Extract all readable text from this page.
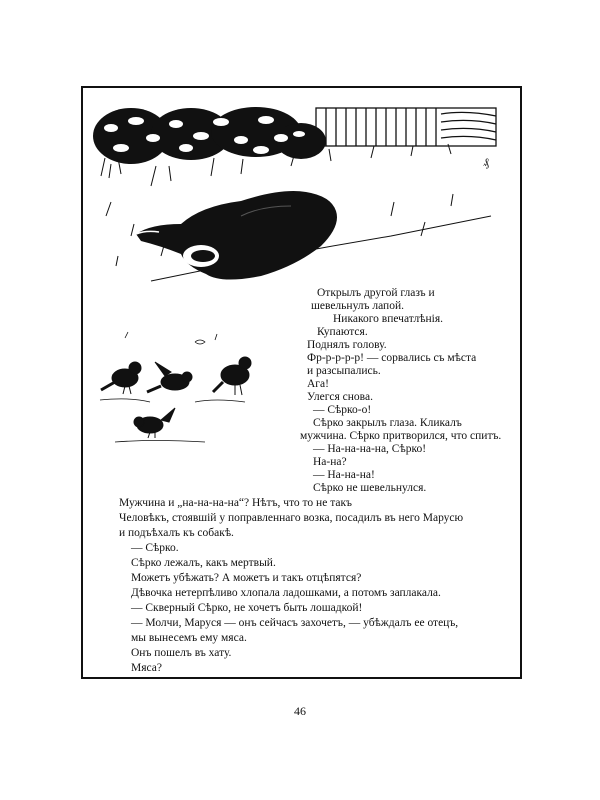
₰
Открылъ другой глазъ и
шевельнулъ лапой.
Никакого впечатлѣнія.
Купаются.
Поднялъ голову.
Фр-р-р-р-р! — сорвались съ мѣста
и разсыпались.
Ага!
Улегся снова.
— Сѣрко-о!
Сѣрко закрылъ глаза. Кликалъ
мужчина. Сѣрко притворился, что спитъ.
— На-на-на-на, Сѣрко!
На-на?
— На-на-на!
Сѣрко не шевельнулся.
46
Мужчина и „на-на-на-на“? Нѣтъ, что то не такъ
Человѣкъ, стоявшій у поправленнаго возка, посадилъ въ него Марусю
и подъѣхалъ къ собакѣ.
— Сѣрко.
Сѣрко лежалъ, какъ мертвый.
Можетъ убѣжать? А можетъ и такъ отцѣпятся?
Дѣвочка нетерпѣливо хлопала ладошками, а потомъ заплакала.
— Скверный Сѣрко, не хочетъ быть лошадкой!
— Молчи, Маруся — онъ сейчасъ захочетъ, — убѣждалъ ее отецъ,
мы вынесемъ ему мяса.
Онъ пошелъ въ хату.
Мяса?
